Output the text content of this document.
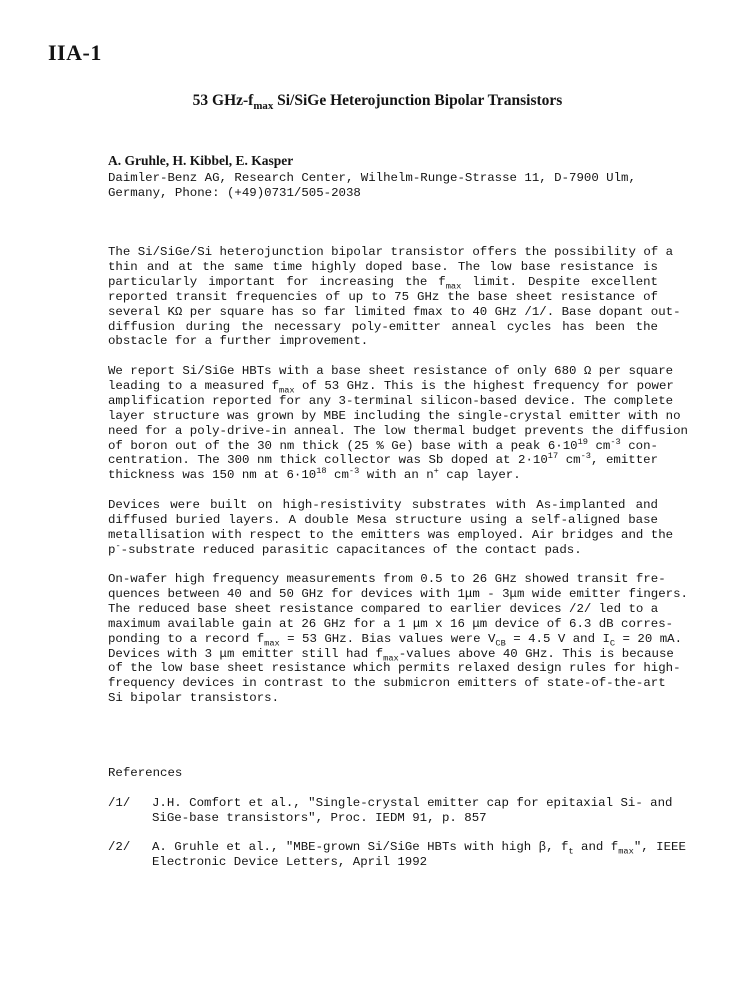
IIA-1
53 GHz-$f_{max}$ Si/SiGe Heterojunction Bipolar Transistors
A. Gruhle, H. Kibbel, E. Kasper
Daimler-Benz AG, Research Center, Wilhelm-Runge-Strasse 11, D-7900 Ulm,
Germany, Phone: (+49)0731/505-2038
The Si/SiGe/Si heterojunction bipolar transistor offers the possibility of a
thin and at the same time highly doped base. The low base resistance is
particularly important for increasing the $f_{max}$ limit. Despite excellent
reported transit frequencies of up to 75 GHz the base sheet resistance of
several KΩ per square has so far limited fmax to 40 GHz /1/. Base dopant out-
diffusion during the necessary poly-emitter anneal cycles has been the
obstacle for a further improvement.
We report Si/SiGe HBTs with a base sheet resistance of only 680 Ω per square
leading to a measured $f_{max}$ of 53 GHz. This is the highest frequency for power
amplification reported for any 3-terminal silicon-based device. The complete
layer structure was grown by MBE including the single-crystal emitter with no
need for a poly-drive-in anneal. The low thermal budget prevents the diffusion
of boron out of the 30 nm thick (25 % Ge) base with a peak $6\cdot 10^{19}$ $cm^{-3}$ con-
centration. The 300 nm thick collector was Sb doped at $2\cdot 10^{17}$ $cm^{-3}$, emitter
thickness was 150 nm at $6\cdot 10^{18}$ $cm^{-3}$ with an n+ cap layer.
Devices were built on high-resistivity substrates with As-implanted and
diffused buried layers. A double Mesa structure using a self-aligned base
metallisation with respect to the emitters was employed. Air bridges and the
p--substrate reduced parasitic capacitances of the contact pads.
On-wafer high frequency measurements from 0.5 to 26 GHz showed transit fre-
quences between 40 and 50 GHz for devices with 1μm - 3μm wide emitter fingers.
The reduced base sheet resistance compared to earlier devices /2/ led to a
maximum available gain at 26 GHz for a 1 μm x 16 μm device of 6.3 dB corres-
ponding to a record $f_{max} = 53$ GHz. Bias values were $V_{CB} = 4.5$ V and $I_C = 20$ mA.
Devices with 3 μm emitter still had $f_{max}$-values above 40 GHz. This is because
of the low base sheet resistance which permits relaxed design rules for high-
frequency devices in contrast to the submicron emitters of state-of-the-art
Si bipolar transistors.
References
/1/ J.H. Comfort et al., "Single-crystal emitter cap for epitaxial Si- and
SiGe-base transistors", Proc. IEDM 91, p. 857
/2/ A. Gruhle et al., "MBE-grown Si/SiGe HBTs with high β, $f_t$ and $f_{max}$", IEEE
Electronic Device Letters, April 1992
